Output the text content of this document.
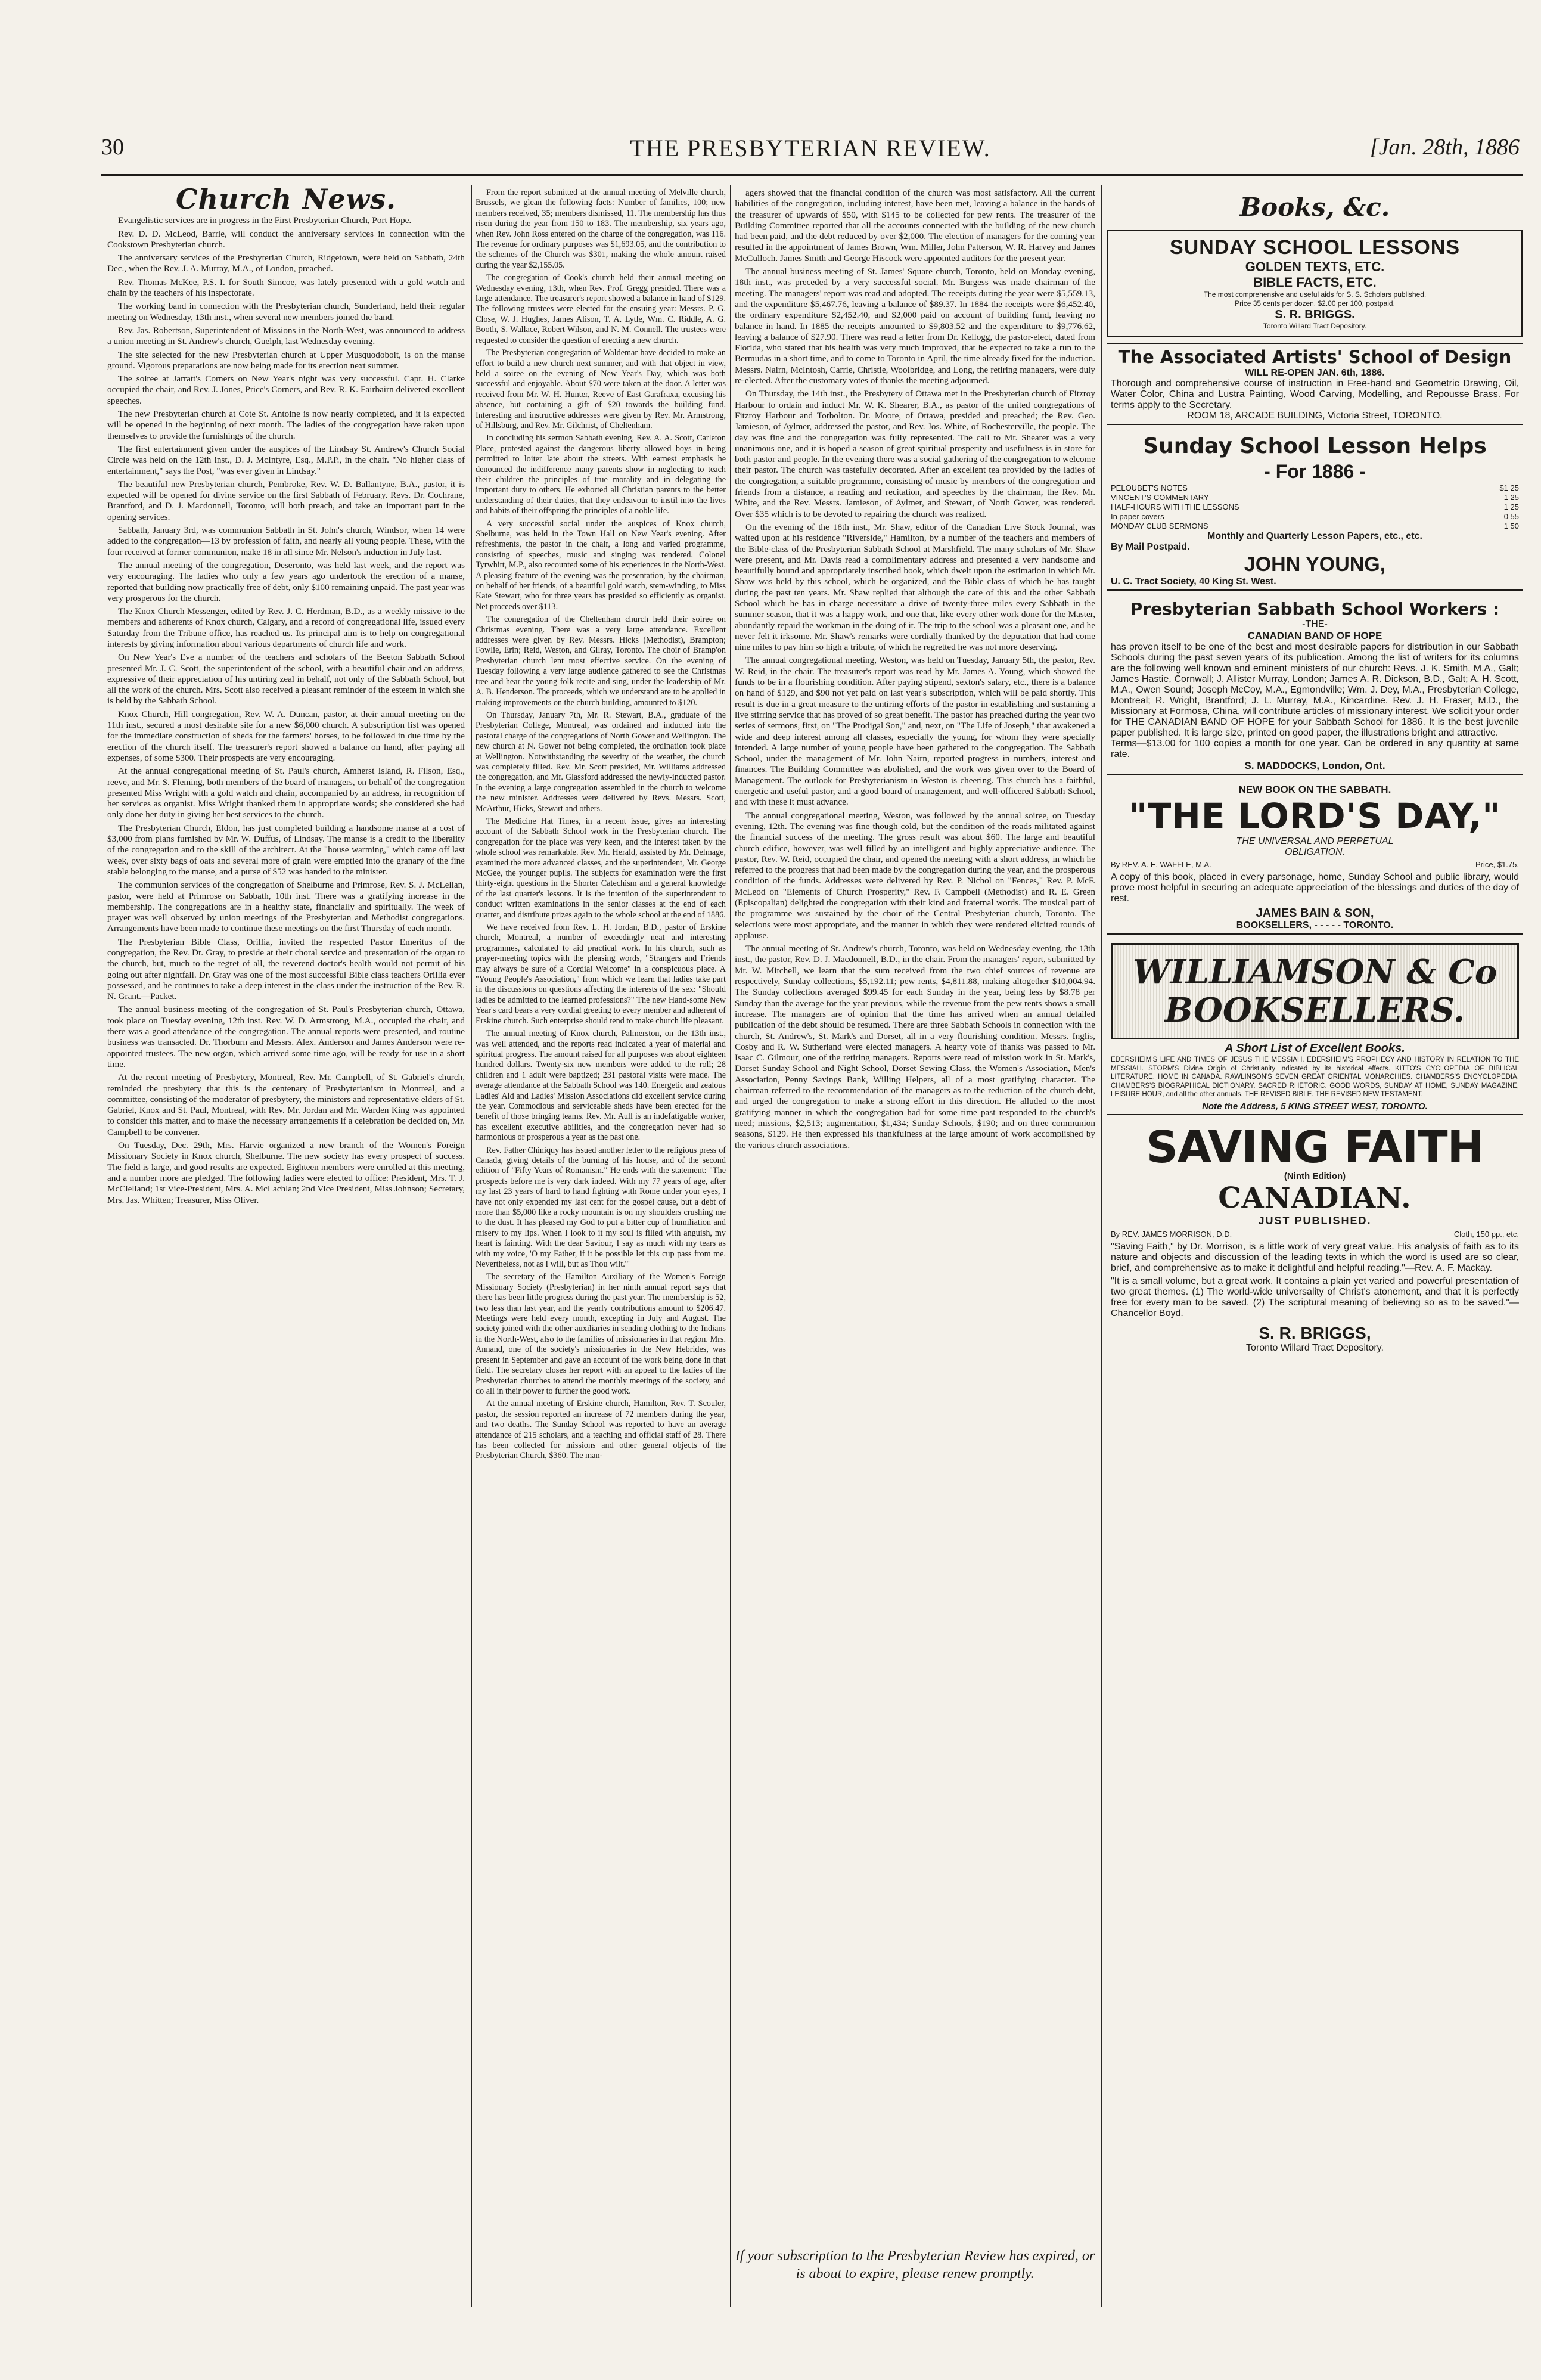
30	THE PRESBYTERIAN REVIEW.	[Jan. 28th, 1886
Church News.

Evangelistic services are in progress in the First Presbyterian Church, Port Hope.

Rev. D. D. McLeod, Barrie, will conduct the anniversary services in connection with the Cookstown Presbyterian church.

The anniversary services of the Presbyterian Church, Ridgetown, were held on Sabbath, 24th Dec., when the Rev. J. A. Murray, M.A., of London, preached.

Rev. Thomas McKee, P.S. I. for South Simcoe, was lately presented with a gold watch and chain by the teachers of his inspectorate.

The working band in connection with the Presbyterian church, Sunderland, held their regular meeting on Wednesday, 13th inst., when several new members joined the band.

Rev. Jas. Robertson, Superintendent of Missions in the North-West, was announced to address a union meeting in St. Andrew's church, Guelph, last Wednesday evening.

The site selected for the new Presbyterian church at Upper Musquodoboit, is on the manse ground. Vigorous preparations are now being made for its erection next summer.

The soiree at Jarratt's Corners on New Year's night was very successful. Capt. H. Clarke occupied the chair, and Rev. J. Jones, Price's Corners, and Rev. R. K. Fairbairn delivered excellent speeches.

The new Presbyterian church at Cote St. Antoine is now nearly completed, and it is expected will be opened in the beginning of next month. The ladies of the congregation have taken upon themselves to provide the furnishings of the church.

The first entertainment given under the auspices of the Lindsay St. Andrew's Church Social Circle was held on the 12th inst., D. J. McIntyre, Esq., M.P.P., in the chair. "No higher class of entertainment," says the Post, "was ever given in Lindsay."

The beautiful new Presbyterian church, Pembroke, Rev. W. D. Ballantyne, B.A., pastor, it is expected will be opened for divine service on the first Sabbath of February. Revs. Dr. Cochrane, Brantford, and D. J. Macdonnell, Toronto, will both preach, and take an important part in the opening services.

Sabbath, January 3rd, was communion Sabbath in St. John's church, Windsor, when 14 were added to the congregation—13 by profession of faith, and nearly all young people. These, with the four received at former communion, make 18 in all since Mr. Nelson's induction in July last.

The annual meeting of the congregation, Deseronto, was held last week, and the report was very encouraging. The ladies who only a few years ago undertook the erection of a manse, reported that building now practically free of debt, only $100 remaining unpaid. The past year was very prosperous for the church.

The Knox Church Messenger, edited by Rev. J. C. Herdman, B.D., as a weekly missive to the members and adherents of Knox church, Calgary, and a record of congregational life, issued every Saturday from the Tribune office, has reached us. Its principal aim is to help on congregational interests by giving information about various departments of church life and work.

On New Year's Eve a number of the teachers and scholars of the Beeton Sabbath School presented Mr. J. C. Scott, the superintendent of the school, with a beautiful chair and an address, expressive of their appreciation of his untiring zeal in behalf, not only of the Sabbath School, but all the work of the church. Mrs. Scott also received a pleasant reminder of the esteem in which she is held by the Sabbath School.

Knox Church, Hill congregation, Rev. W. A. Duncan, pastor, at their annual meeting on the 11th inst., secured a most desirable site for a new $6,000 church. A subscription list was opened for the immediate construction of sheds for the farmers' horses, to be followed in due time by the erection of the church itself. The treasurer's report showed a balance on hand, after paying all expenses, of some $300. Their prospects are very encouraging.

At the annual congregational meeting of St. Paul's church, Amherst Island, R. Filson, Esq., reeve, and Mr. S. Fleming, both members of the board of managers, on behalf of the congregation presented Miss Wright with a gold watch and chain, accompanied by an address, in recognition of her services as organist. Miss Wright thanked them in appropriate words; she considered she had only done her duty in giving her best services to the church.

The Presbyterian Church, Eldon, has just completed building a handsome manse at a cost of $3,000 from plans furnished by Mr. W. Duffus, of Lindsay. The manse is a credit to the liberality of the congregation and to the skill of the architect. At the "house warming," which came off last week, over sixty bags of oats and several more of grain were emptied into the granary of the fine stable belonging to the manse, and a purse of $52 was handed to the minister.

The communion services of the congregation of Shelburne and Primrose, Rev. S. J. McLellan, pastor, were held at Primrose on Sabbath, 10th inst. There was a gratifying increase in the membership. The congregations are in a healthy state, financially and spiritually. The week of prayer was well observed by union meetings of the Presbyterian and Methodist congregations. Arrangements have been made to continue these meetings on the first Thursday of each month.

The Presbyterian Bible Class, Orillia, invited the respected Pastor Emeritus of the congregation, the Rev. Dr. Gray, to preside at their choral service and presentation of the organ to the church, but, much to the regret of all, the reverend doctor's health would not permit of his going out after nightfall. Dr. Gray was one of the most successful Bible class teachers Orillia ever possessed, and he continues to take a deep interest in the class under the instruction of the Rev. R. N. Grant.—Packet.

The annual business meeting of the congregation of St. Paul's Presbyterian church, Ottawa, took place on Tuesday evening, 12th inst. Rev. W. D. Armstrong, M.A., occupied the chair, and there was a good attendance of the congregation. The annual reports were presented, and routine business was transacted. Dr. Thorburn and Messrs. Alex. Anderson and James Anderson were re-appointed trustees. The new organ, which arrived some time ago, will be ready for use in a short time.

At the recent meeting of Presbytery, Montreal, Rev. Mr. Campbell, of St. Gabriel's church, reminded the presbytery that this is the centenary of Presbyterianism in Montreal, and a committee, consisting of the moderator of presbytery, the ministers and representative elders of St. Gabriel, Knox and St. Paul, Montreal, with Rev. Mr. Jordan and Mr. Warden King was appointed to consider this matter, and to make the necessary arrangements if a celebration be decided on, Mr. Campbell to be convener.

On Tuesday, Dec. 29th, Mrs. Harvie organized a new branch of the Women's Foreign Missionary Society in Knox church, Shelburne. The new society has every prospect of success. The field is large, and good results are expected. Eighteen members were enrolled at this meeting, and a number more are pledged. The following ladies were elected to office: President, Mrs. T. J. McClelland; 1st Vice-President, Mrs. A. McLachlan; 2nd Vice President, Miss Johnson; Secretary, Mrs. Jas. Whitten; Treasurer, Miss Oliver.

From the report submitted at the annual meeting of Melville church, Brussels, we glean the following facts: Number of families, 100; new members received, 35; members dismissed, 11. The membership has thus risen during the year from 150 to 183. The membership, six years ago, when Rev. John Ross entered on the charge of the congregation, was 116. The revenue for ordinary purposes was $1,693.05, and the contribution to the schemes of the Church was $301, making the whole amount raised during the year $2,155.05.

The congregation of Cook's church held their annual meeting on Wednesday evening, 13th, when Rev. Prof. Gregg presided. There was a large attendance. The treasurer's report showed a balance in hand of $129. The following trustees were elected for the ensuing year: Messrs. P. G. Close, W. J. Hughes, James Alison, T. A. Lytle, Wm. C. Riddle, A. G. Booth, S. Wallace, Robert Wilson, and N. M. Connell. The trustees were requested to consider the question of erecting a new church.

The Presbyterian congregation of Waldemar have decided to make an effort to build a new church next summer, and with that object in view, held a soiree on the evening of New Year's Day, which was both successful and enjoyable. About $70 were taken at the door. A letter was received from Mr. W. H. Hunter, Reeve of East Garafraxa, excusing his absence, but containing a gift of $20 towards the building fund. Interesting and instructive addresses were given by Rev. Mr. Armstrong, of Hillsburg, and Rev. Mr. Gilchrist, of Cheltenham.

In concluding his sermon Sabbath evening, Rev. A. A. Scott, Carleton Place, protested against the dangerous liberty allowed boys in being permitted to loiter late about the streets. With earnest emphasis he denounced the indifference many parents show in neglecting to teach their children the principles of true morality and in delegating the important duty to others. He exhorted all Christian parents to the better understanding of their duties, that they endeavour to instil into the lives and habits of their offspring the principles of a noble life.

A very successful social under the auspices of Knox church, Shelburne, was held in the Town Hall on New Year's evening. After refreshments, the pastor in the chair, a long and varied programme, consisting of speeches, music and singing was rendered. Colonel Tyrwhitt, M.P., also recounted some of his experiences in the North-West. A pleasing feature of the evening was the presentation, by the chairman, on behalf of her friends, of a beautiful gold watch, stem-winding, to Miss Kate Stewart, who for three years has presided so efficiently as organist. Net proceeds over $113.

The congregation of the Cheltenham church held their soiree on Christmas evening. There was a very large attendance. Excellent addresses were given by Rev. Messrs. Hicks (Methodist), Brampton; Fowlie, Erin; Reid, Weston, and Gilray, Toronto. The choir of Bramp'on Presbyterian church lent most effective service. On the evening of Tuesday following a very large audience gathered to see the Christmas tree and hear the young folk recite and sing, under the leadership of Mr. A. B. Henderson. The proceeds, which we understand are to be applied in making improvements on the church building, amounted to $120.

On Thursday, January 7th, Mr. R. Stewart, B.A., graduate of the Presbyterian College, Montreal, was ordained and inducted into the pastoral charge of the congregations of North Gower and Wellington. The new church at N. Gower not being completed, the ordination took place at Wellington. Notwithstanding the severity of the weather, the church was completely filled. Rev. Mr. Scott presided, Mr. Williams addressed the congregation, and Mr. Glassford addressed the newly-inducted pastor. In the evening a large congregation assembled in the church to welcome the new minister. Addresses were delivered by Revs. Messrs. Scott, McArthur, Hicks, Stewart and others.

The Medicine Hat Times, in a recent issue, gives an interesting account of the Sabbath School work in the Presbyterian church. The congregation for the place was very keen, and the interest taken by the whole school was remarkable. Rev. Mr. Herald, assisted by Mr. Delmage, examined the more advanced classes, and the superintendent, Mr. George McGee, the younger pupils. The subjects for examination were the first thirty-eight questions in the Shorter Catechism and a general knowledge of the last quarter's lessons. It is the intention of the superintendent to conduct written examinations in the senior classes at the end of each quarter, and distribute prizes again to the whole school at the end of 1886.

We have received from Rev. L. H. Jordan, B.D., pastor of Erskine church, Montreal, a number of exceedingly neat and interesting programmes, calculated to aid practical work. In his church, such as prayer-meeting topics with the pleasing words, "Strangers and Friends may always be sure of a Cordial Welcome" in a conspicuous place. A "Young People's Association," from which we learn that ladies take part in the discussions on questions affecting the interests of the sex: "Should ladies be admitted to the learned professions?" The new Hand-some New Year's card bears a very cordial greeting to every member and adherent of Erskine church. Such enterprise should tend to make church life pleasant.

The annual meeting of Knox church, Palmerston, on the 13th inst., was well attended, and the reports read indicated a year of material and spiritual progress. The amount raised for all purposes was about eighteen hundred dollars. Twenty-six new members were added to the roll; 28 children and 1 adult were baptized; 231 pastoral visits were made. The average attendance at the Sabbath School was 140. Energetic and zealous Ladies' Aid and Ladies' Mission Associations did excellent service during the year. Commodious and serviceable sheds have been erected for the benefit of those bringing teams. Rev. Mr. Aull is an indefatigable worker, has excellent executive abilities, and the congregation never had so harmonious or prosperous a year as the past one.

Rev. Father Chiniquy has issued another letter to the religious press of Canada, giving details of the burning of his house, and of the second edition of "Fifty Years of Romanism." He ends with the statement: "The prospects before me is very dark indeed. With my 77 years of age, after my last 23 years of hard to hand fighting with Rome under your eyes, I have not only expended my last cent for the gospel cause, but a debt of more than $5,000 like a rocky mountain is on my shoulders crushing me to the dust. It has pleased my God to put a bitter cup of humiliation and misery to my lips. When I look to it my soul is filled with anguish, my heart is fainting. With the dear Saviour, I say as much with my tears as with my voice, 'O my Father, if it be possible let this cup pass from me. Nevertheless, not as I will, but as Thou wilt.'"

The secretary of the Hamilton Auxiliary of the Women's Foreign Missionary Society (Presbyterian) in her ninth annual report says that there has been little progress during the past year. The membership is 52, two less than last year, and the yearly contributions amount to $206.47. Meetings were held every month, excepting in July and August. The society joined with the other auxiliaries in sending clothing to the Indians in the North-West, also to the families of missionaries in that region. Mrs. Annand, one of the society's missionaries in the New Hebrides, was present in September and gave an account of the work being done in that field. The secretary closes her report with an appeal to the ladies of the Presbyterian churches to attend the monthly meetings of the society, and do all in their power to further the good work.

At the annual meeting of Erskine church, Hamilton, Rev. T. Scouler, pastor, the session reported an increase of 72 members during the year, and two deaths. The Sunday School was reported to have an average attendance of 215 scholars, and a teaching and official staff of 28. There has been collected for missions and other general objects of the Presbyterian Church, $360. The man-

agers showed that the financial condition of the church was most satisfactory. All the current liabilities of the congregation, including interest, have been met, leaving a balance in the hands of the treasurer of upwards of $50, with $145 to be collected for pew rents. The treasurer of the Building Committee reported that all the accounts connected with the building of the new church had been paid, and the debt reduced by over $2,000. The election of managers for the coming year resulted in the appointment of James Brown, Wm. Miller, John Patterson, W. R. Harvey and James McCulloch. James Smith and George Hiscock were appointed auditors for the present year.

The annual business meeting of St. James' Square church, Toronto, held on Monday evening, 18th inst., was preceded by a very successful social. Mr. Burgess was made chairman of the meeting. The managers' report was read and adopted. The receipts during the year were $5,559.13, and the expenditure $5,467.76, leaving a balance of $89.37. In 1884 the receipts were $6,452.40, the ordinary expenditure $2,452.40, and $2,000 paid on account of building fund, leaving no balance in hand. In 1885 the receipts amounted to $9,803.52 and the expenditure to $9,776.62, leaving a balance of $27.90. There was read a letter from Dr. Kellogg, the pastor-elect, dated from Florida, who stated that his health was very much improved, that he expected to take a run to the Bermudas in a short time, and to come to Toronto in April, the time already fixed for the induction. Messrs. Nairn, McIntosh, Carrie, Christie, Woolbridge, and Long, the retiring managers, were duly re-elected. After the customary votes of thanks the meeting adjourned.

On Thursday, the 14th inst., the Presbytery of Ottawa met in the Presbyterian church of Fitzroy Harbour to ordain and induct Mr. W. K. Shearer, B.A., as pastor of the united congregations of Fitzroy Harbour and Torbolton. Dr. Moore, of Ottawa, presided and preached; the Rev. Geo. Jamieson, of Aylmer, addressed the pastor, and Rev. Jos. White, of Rochesterville, the people. The day was fine and the congregation was fully represented. The call to Mr. Shearer was a very unanimous one, and it is hoped a season of great spiritual prosperity and usefulness is in store for both pastor and people. In the evening there was a social gathering of the congregation to welcome their pastor. The church was tastefully decorated. After an excellent tea provided by the ladies of the congregation, a suitable programme, consisting of music by members of the congregation and friends from a distance, a reading and recitation, and speeches by the chairman, the Rev. Mr. White, and the Rev. Messrs. Jamieson, of Aylmer, and Stewart, of North Gower, was rendered. Over $35 which is to be devoted to repairing the church was realized.

On the evening of the 18th inst., Mr. Shaw, editor of the Canadian Live Stock Journal, was waited upon at his residence "Riverside," Hamilton, by a number of the teachers and members of the Bible-class of the Presbyterian Sabbath School at Marshfield. The many scholars of Mr. Shaw were present, and Mr. Davis read a complimentary address and presented a very handsome and beautifully bound and appropriately inscribed book, which dwelt upon the estimation in which Mr. Shaw was held by this school, which he organized, and the Bible class of which he has taught during the past ten years. Mr. Shaw replied that although the care of this and the other Sabbath School which he has in charge necessitate a drive of twenty-three miles every Sabbath in the summer season, that it was a happy work, and one that, like every other work done for the Master, abundantly repaid the workman in the doing of it. The trip to the school was a pleasant one, and he never felt it irksome. Mr. Shaw's remarks were cordially thanked by the deputation that had come nine miles to pay him so high a tribute, of which he regretted he was not more deserving.

The annual congregational meeting, Weston, was held on Tuesday, January 5th, the pastor, Rev. W. Reid, in the chair. The treasurer's report was read by Mr. James A. Young, which showed the funds to be in a flourishing condition. After paying stipend, sexton's salary, etc., there is a balance on hand of $129, and $90 not yet paid on last year's subscription, which will be paid shortly. This result is due in a great measure to the untiring efforts of the pastor in establishing and sustaining a live stirring service that has proved of so great benefit. The pastor has preached during the year two series of sermons, first, on "The Prodigal Son," and, next, on "The Life of Joseph," that awakened a wide and deep interest among all classes, especially the young, for whom they were specially intended. A large number of young people have been gathered to the congregation. The Sabbath School, under the management of Mr. John Nairn, reported progress in numbers, interest and finances. The Building Committee was abolished, and the work was given over to the Board of Management. The outlook for Presbyterianism in Weston is cheering. This church has a faithful, energetic and useful pastor, and a good board of management, and well-officered Sabbath School, and with these it must advance.

The annual congregational meeting, Weston, was followed by the annual soiree, on Tuesday evening, 12th. The evening was fine though cold, but the condition of the roads militated against the financial success of the meeting. The gross result was about $60. The large and beautiful church edifice, however, was well filled by an intelligent and highly appreciative audience. The pastor, Rev. W. Reid, occupied the chair, and opened the meeting with a short address, in which he referred to the progress that had been made by the congregation during the year, and the prosperous condition of the funds. Addresses were delivered by Rev. P. Nichol on "Fences," Rev. P. McF. McLeod on "Elements of Church Prosperity," Rev. F. Campbell (Methodist) and R. E. Green (Episcopalian) delighted the congregation with their kind and fraternal words. The musical part of the programme was sustained by the choir of the Central Presbyterian church, Toronto. The selections were most appropriate, and the manner in which they were rendered elicited rounds of applause.

The annual meeting of St. Andrew's church, Toronto, was held on Wednesday evening, the 13th inst., the pastor, Rev. D. J. Macdonnell, B.D., in the chair. From the managers' report, submitted by Mr. W. Mitchell, we learn that the sum received from the two chief sources of revenue are respectively, Sunday collections, $5,192.11; pew rents, $4,811.88, making altogether $10,004.94. The Sunday collections averaged $99.45 for each Sunday in the year, being less by $8.78 per Sunday than the average for the year previous, while the revenue from the pew rents shows a small increase. The managers are of opinion that the time has arrived when an annual detailed publication of the debt should be resumed. There are three Sabbath Schools in connection with the church, St. Andrew's, St. Mark's and Dorset, all in a very flourishing condition. Messrs. Inglis, Cosby and R. W. Sutherland were elected managers. A hearty vote of thanks was passed to Mr. Isaac C. Gilmour, one of the retiring managers. Reports were read of mission work in St. Mark's, Dorset Sunday School and Night School, Dorset Sewing Class, the Women's Association, Men's Association, Penny Savings Bank, Willing Helpers, all of a most gratifying character. The chairman referred to the recommendation of the managers as to the reduction of the church debt, and urged the congregation to make a strong effort in this direction. He alluded to the most gratifying manner in which the congregation had for some time past responded to the church's need; missions, $2,513; augmentation, $1,434; Sunday Schools, $190; and on three communion seasons, $129. He then expressed his thankfulness at the large amount of work accomplished by the various church associations.

If your subscription to the Presbyterian Review has expired, or is about to expire, please renew promptly.
Books, &c.
SUNDAY SCHOOL LESSONS
GOLDEN TEXTS, ETC.
BIBLE FACTS, ETC.
The most comprehensive and useful aids for S. S. Scholars published.
Price 35 cents per dozen. $2.00 per 100, postpaid.
S. R. BRIGGS.
Toronto Willard Tract Depository.
The Associated Artists' School of Design
WILL RE-OPEN JAN. 6th, 1886.
Thorough and comprehensive course of instruction in Free-hand and Geometric Drawing, Oil, Water Color, China and Lustra Painting, Wood Carving, Modelling, and Repousse Brass. For terms apply to the Secretary.
ROOM 18, ARCADE BUILDING, Victoria Street, TORONTO.
Sunday School Lesson Helps
- For 1886 -
PELOUBET'S NOTES	$1 25
VINCENT'S COMMENTARY	1 25
HALF-HOURS WITH THE LESSONS	1 25
In paper covers	0 55
MONDAY CLUB SERMONS	1 50
Monthly and Quarterly Lesson Papers, etc., etc.
By Mail Postpaid.
JOHN YOUNG,
U. C. Tract Society, 40 King St. West.
Presbyterian Sabbath School Workers :
-THE-
CANADIAN BAND OF HOPE
has proven itself to be one of the best and most desirable papers for distribution in our Sabbath Schools during the past seven years of its publication. Among the list of writers for its columns are the following well known and eminent ministers of our church: Revs. J. K. Smith, M.A., Galt; James Hastie, Cornwall; J. Allister Murray, London; James A. R. Dickson, B.D., Galt; A. H. Scott, M.A., Owen Sound; Joseph McCoy, M.A., Egmondville; Wm. J. Dey, M.A., Presbyterian College, Montreal; R. Wright, Brantford; J. L. Murray, M.A., Kincardine. Rev. J. H. Fraser, M.D., the Missionary at Formosa, China, will contribute articles of missionary interest. We solicit your order for THE CANADIAN BAND OF HOPE for your Sabbath School for 1886. It is the best juvenile paper published. It is large size, printed on good paper, the illustrations bright and attractive.
Terms—$13.00 for 100 copies a month for one year. Can be ordered in any quantity at same rate.
S. MADDOCKS, London, Ont.
NEW BOOK ON THE SABBATH.
"THE LORD'S DAY,"
THE UNIVERSAL AND PERPETUAL
OBLIGATION.
By REV. A. E. WAFFLE, M.A.	Price, $1.75.
A copy of this book, placed in every parsonage, home, Sunday School and public library, would prove most helpful in securing an adequate appreciation of the blessings and duties of the day of rest.
JAMES BAIN & SON,
BOOKSELLERS, - - - - - TORONTO.
WILLIAMSON & Co BOOKSELLERS.
A Short List of Excellent Books.
EDERSHEIM'S LIFE AND TIMES OF JESUS THE MESSIAH. EDERSHEIM'S PROPHECY AND HISTORY IN RELATION TO THE MESSIAH. STORM'S Divine Origin of Christianity indicated by its historical effects. KITTO'S CYCLOPEDIA OF BIBLICAL LITERATURE. HOME IN CANADA. RAWLINSON'S SEVEN GREAT ORIENTAL MONARCHIES. CHAMBERS'S ENCYCLOPEDIA. CHAMBERS'S BIOGRAPHICAL DICTIONARY. SACRED RHETORIC. GOOD WORDS, SUNDAY AT HOME, SUNDAY MAGAZINE, LEISURE HOUR, and all the other annuals. THE REVISED BIBLE. THE REVISED NEW TESTAMENT.
Note the Address, 5 KING STREET WEST, TORONTO.
SAVING FAITH
(Ninth Edition)
CANADIAN.
JUST PUBLISHED.
By REV. JAMES MORRISON, D.D.	Cloth, 150 pp., etc.
"Saving Faith," by Dr. Morrison, is a little work of very great value. His analysis of faith as to its nature and objects and discussion of the leading texts in which the word is used are so clear, brief, and comprehensive as to make it delightful and helpful reading."—Rev. A. F. Mackay.
"It is a small volume, but a great work. It contains a plain yet varied and powerful presentation of two great themes. (1) The world-wide universality of Christ's atonement, and that it is perfectly free for every man to be saved. (2) The scriptural meaning of believing so as to be saved."—Chancellor Boyd.
S. R. BRIGGS,
Toronto Willard Tract Depository.
